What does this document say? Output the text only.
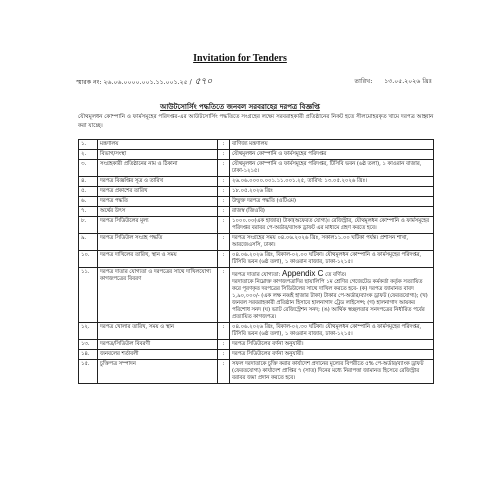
Invitation for Tenders
স্মারক নং: ২৬.০৬.০০০০.০০১.১১.০০১.২৫ / ৫৭০	তারিখ: ১৩.০৫.২০২৬ খ্রিঃ
আউটসোর্সিং পদ্ধতিতে জনবল সরবরাহের দরপত্র বিজ্ঞপ্তি
যৌথমূলধন কোম্পানি ও ফার্মসমূহের পরিদপ্তর-এর আউটসোর্সিং পদ্ধতিতে সংগ্রহের লক্ষ্যে সরবরাহকারী প্রতিষ্ঠানের নিকট হতে সীলমোহরকৃত খামে দরপত্র আহ্বান করা যাচ্ছে।
১.	মন্ত্রণালয়	:	বাণিজ্য মন্ত্রণালয়
২.	বিভাগ/সংস্থা	:	যৌথমূলধন কোম্পানি ও ফার্মসমূহের পরিদপ্তর
৩.	সংগ্রহকারী প্রতিষ্ঠানের নাম ও ঠিকানা	:	যৌথমূলধন কোম্পানি ও ফার্মসমূহের পরিদপ্তর, টিসিবি ভবন (৬ষ্ঠ তলা), ১ কাওরান বাজার, ঢাকা-১২১৫।
৪.	দরপত্র বিজ্ঞপ্তির সূত্র ও তারিখ	:	২৬.০৬.০০০০.০০১.১১.০০১.২৫, তারিখ: ১৩.০৫.২০২৬ খ্রিঃ।
৫.	দরপত্র প্রকাশের তারিখ	:	১৮.০৫.২০২৬ খ্রিঃ
৬.	দরপত্র পদ্ধতি	:	উন্মুক্ত দরপত্র পদ্ধতি (ওটিএম)
৭.	অর্থের উৎস	:	রাজস্ব (জিওবি)
৮.	দরপত্র সিডিউলের মূল্য	:	১০০০.০০(এক হাজার) টাকা(অফেরত যোগ্য)। রেজিস্ট্রার, যৌথমূলধন কোম্পানি ও ফার্মসমূহের পরিদপ্তর বরাবর পে-অর্ডার/ব্যাংক ড্রাফট এর মাধ্যমে গ্রহণ করতে হবে।
৯.	দরপত্র সিডিউল সংগ্রহ পদ্ধতি	:	দরপত্র সংগ্রহের সময় ০৪.০৬.২০২৬ খ্রিঃ, সকাল১১.০০ ঘটিকা পর্যন্ত। প্রশাসন শাখা, আরজেএসসি, ঢাকা।
১০.	দরপত্র দাখিলের তারিখ, স্থান ও সময়	:	০৪.০৬.২০২৬ খ্রিঃ, বিকাল-০২.০০ ঘটিকা। যৌথমূলধন কোম্পানি ও ফার্মসমূহের পরিদপ্তর, টিসিবি ভবন (৬ষ্ঠ তলা), ১ কাওরান বাজার, ঢাকা-১২১৫।
১১.	দরপত্র দাতার যোগ্যতা ও দরপত্রের সাথে দাখিলযোগ্য কাগজপত্রের বিবরণ	:	দরপত্র দাতার যোগ্যতা: Appendix C তে বর্ণিত।
দরদাতাকে নিম্নোক্ত কাগজপত্রাদির ছায়ালিপি ১ম শ্রেণির গেজেটেড কর্মকর্তা কর্তৃক সত্যায়িত করে পূরণকৃত দরপত্রের সিডিউলের সাথে দাখিল করতে হবে- (ক) দরপত্র জামানত বাবদ ১,৯০,০০০/- (এক লক্ষ নব্বই হাজার টাকা) টাকার পে-অর্ডার/ব্যাংক ড্রাফট (ফেরতযোগ্য); (খ) জনবল সরবরাহকারী প্রতিষ্ঠান হিসাবে হালনাগাদ ট্রেড লাইসেন্স; (গ) হালনাগাদ আয়কর পরিশোধ সনদ (ঘ) ভ্যাট রেজিস্ট্রেশন সনদ; (ঙ) আর্থিক স্বচ্ছলতার সনদপত্রের নির্ধারিত পর্বের প্রত্যায়িত কাগজপত্র।

১২.	দরপত্র খোলার তারিখ, সময় ও স্থান	:	০৪.০৬.২০২৬ খ্রিঃ, বিকাল-০২.৩০ ঘটিকা। যৌথমূলধন কোম্পানি ও ফার্মসমূহের পরিদপ্তর, টিসিবি ভবন (৬ষ্ঠ তলা), ১ কাওরান বাজার, ঢাকা-১২১৫।
১৩.	দরপত্র/সিডিউল বিবরণী	:	দরপত্র সিডিউলের বর্ণনা অনুযায়ী।
১৪.	জনবলের শর্তাবলী	:	দরপত্র সিডিউলের বর্ণনা অনুযায়ী।
১৫.	চুক্তিপত্র সম্পাদন	:	সফল দরদাতাকে চুক্তি করার কার্যাদেশ প্রদানের মূল্যের বিপরীতে ৫% পে-অর্ডার/ব্যাংক ড্রাফট (ফেরতযোগ্য) কার্যাদেশ প্রাপ্তির ৭ (সাত) দিনের মধ্যে নিরাপত্তা জামানত হিসেবে রেজিস্ট্রার বরাবর জমা প্রদান করতে হবে।
